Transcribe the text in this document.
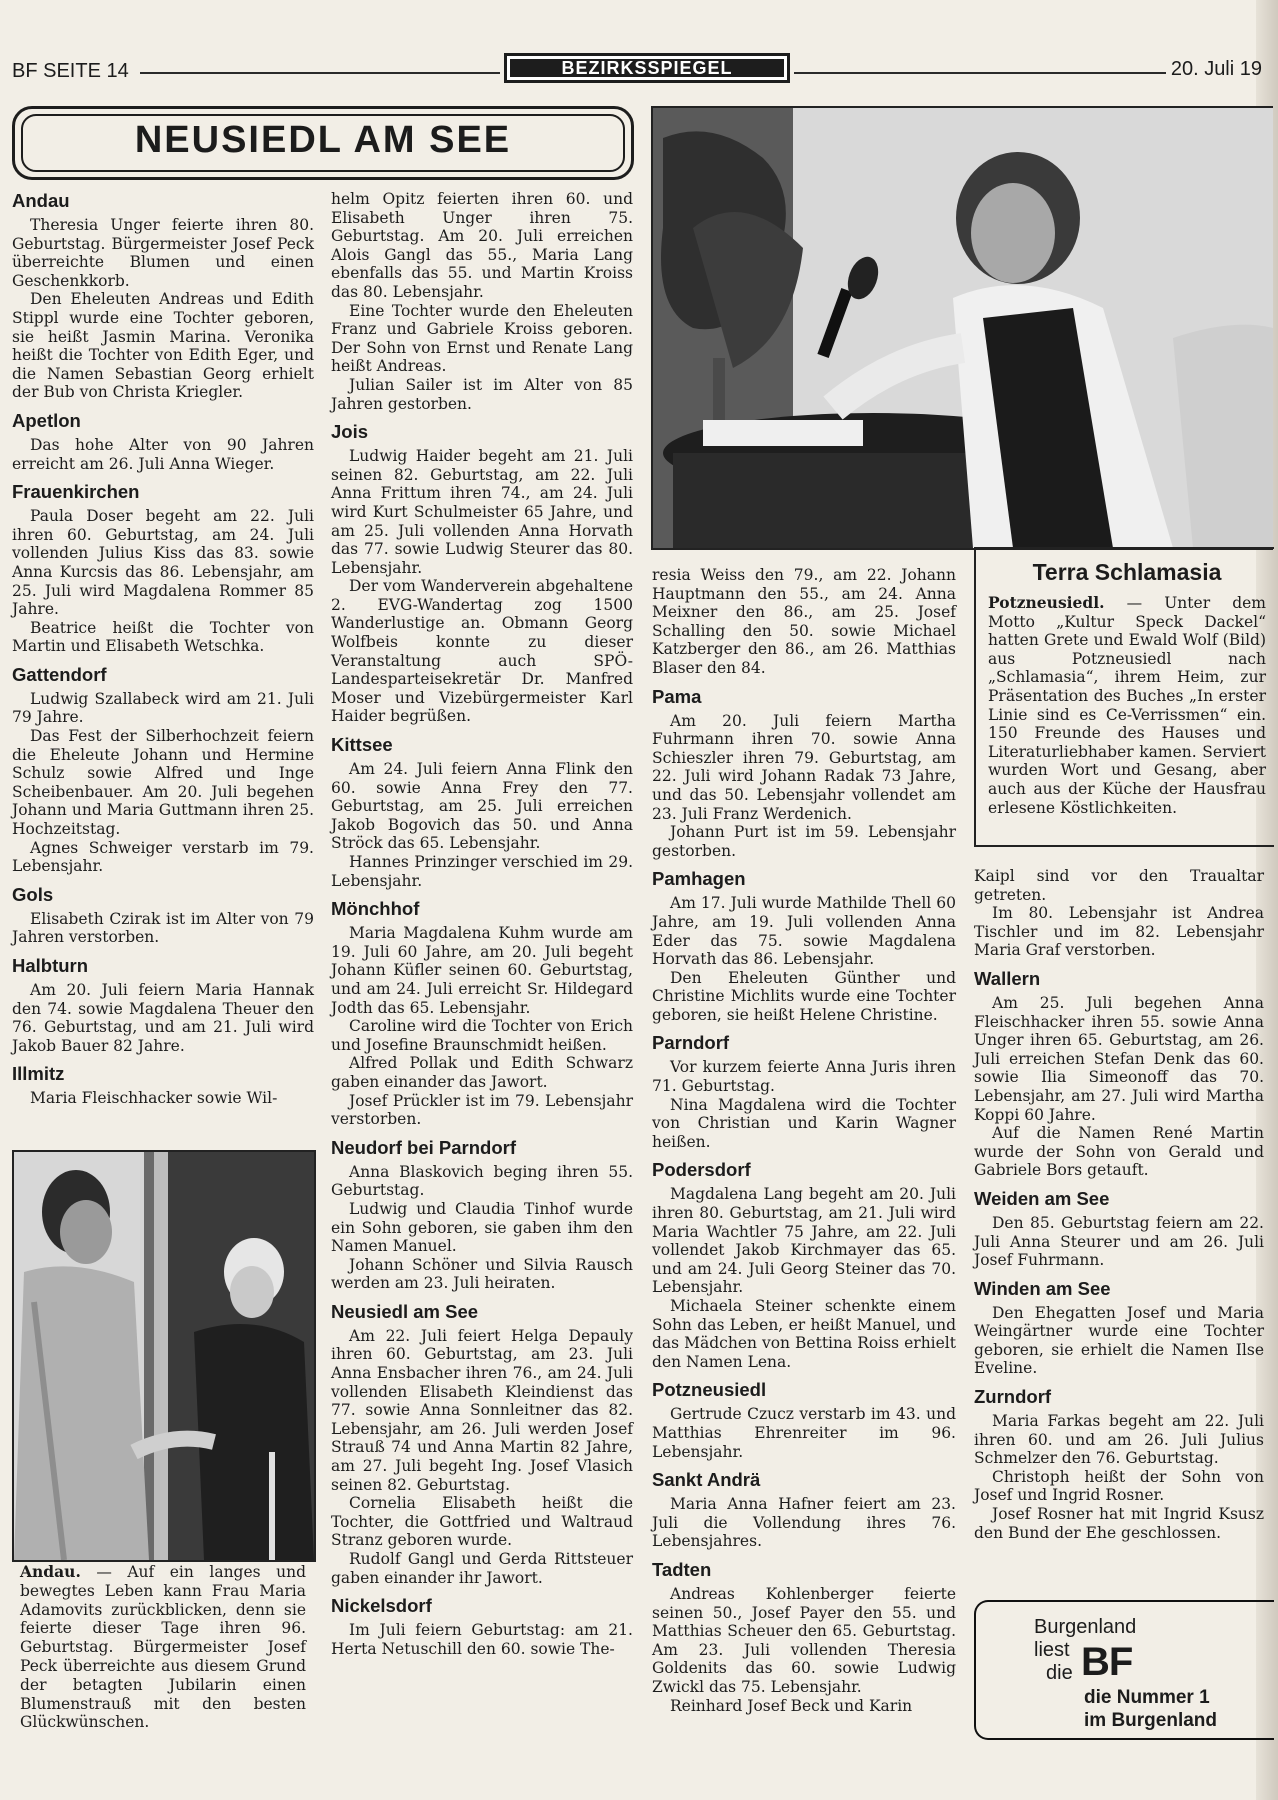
BF SEITE 14	BEZIRKSSPIEGEL	20. Juli 19
NEUSIEDL AM SEE
Andau

Theresia Unger feierte ihren 80. Geburtstag. Bürgermeister Josef Peck überreichte Blumen und einen Geschenkkorb.

Den Eheleuten Andreas und Edith Stippl wurde eine Tochter geboren, sie heißt Jasmin Marina. Veronika heißt die Tochter von Edith Eger, und die Namen Sebastian Georg erhielt der Bub von Christa Kriegler.

Apetlon

Das hohe Alter von 90 Jahren erreicht am 26. Juli Anna Wieger.

Frauenkirchen

Paula Doser begeht am 22. Juli ihren 60. Geburtstag, am 24. Juli vollenden Julius Kiss das 83. sowie Anna Kurcsis das 86. Lebensjahr, am 25. Juli wird Magdalena Rommer 85 Jahre.

Beatrice heißt die Tochter von Martin und Elisabeth Wetschka.

Gattendorf

Ludwig Szallabeck wird am 21. Juli 79 Jahre.

Das Fest der Silberhochzeit feiern die Eheleute Johann und Hermine Schulz sowie Alfred und Inge Scheibenbauer. Am 20. Juli begehen Johann und Maria Guttmann ihren 25. Hochzeitstag.

Agnes Schweiger verstarb im 79. Lebensjahr.

Gols

Elisabeth Czirak ist im Alter von 79 Jahren verstorben.

Halbturn

Am 20. Juli feiern Maria Hannak den 74. sowie Magdalena Theuer den 76. Geburtstag, und am 21. Juli wird Jakob Bauer 82 Jahre.

Illmitz

Maria Fleischhacker sowie Wil-

Andau. — Auf ein langes und bewegtes Leben kann Frau Maria Adamovits zurückblicken, denn sie feierte dieser Tage ihren 96. Geburtstag. Bürgermeister Josef Peck überreichte aus diesem Grund der betagten Jubilarin einen Blumenstrauß mit den besten Glückwünschen.

helm Opitz feierten ihren 60. und Elisabeth Unger ihren 75. Geburtstag. Am 20. Juli erreichen Alois Gangl das 55., Maria Lang ebenfalls das 55. und Martin Kroiss das 80. Lebensjahr.

Eine Tochter wurde den Eheleuten Franz und Gabriele Kroiss geboren. Der Sohn von Ernst und Renate Lang heißt Andreas.

Julian Sailer ist im Alter von 85 Jahren gestorben.

Jois

Ludwig Haider begeht am 21. Juli seinen 82. Geburtstag, am 22. Juli Anna Frittum ihren 74., am 24. Juli wird Kurt Schulmeister 65 Jahre, und am 25. Juli vollenden Anna Horvath das 77. sowie Ludwig Steurer das 80. Lebensjahr.

Der vom Wanderverein abgehaltene 2. EVG-Wandertag zog 1500 Wanderlustige an. Obmann Georg Wolfbeis konnte zu dieser Veranstaltung auch SPÖ-Landesparteisekretär Dr. Manfred Moser und Vizebürgermeister Karl Haider begrüßen.

Kittsee

Am 24. Juli feiern Anna Flink den 60. sowie Anna Frey den 77. Geburtstag, am 25. Juli erreichen Jakob Bogovich das 50. und Anna Ströck das 65. Lebensjahr.

Hannes Prinzinger verschied im 29. Lebensjahr.

Mönchhof

Maria Magdalena Kuhm wurde am 19. Juli 60 Jahre, am 20. Juli begeht Johann Küfler seinen 60. Geburtstag, und am 24. Juli erreicht Sr. Hildegard Jodth das 65. Lebensjahr.

Caroline wird die Tochter von Erich und Josefine Braunschmidt heißen.

Alfred Pollak und Edith Schwarz gaben einander das Jawort.

Josef Prückler ist im 79. Lebensjahr verstorben.

Neudorf bei Parndorf

Anna Blaskovich beging ihren 55. Geburtstag.

Ludwig und Claudia Tinhof wurde ein Sohn geboren, sie gaben ihm den Namen Manuel.

Johann Schöner und Silvia Rausch werden am 23. Juli heiraten.

Neusiedl am See

Am 22. Juli feiert Helga Depauly ihren 60. Geburtstag, am 23. Juli Anna Ensbacher ihren 76., am 24. Juli vollenden Elisabeth Kleindienst das 77. sowie Anna Sonnleitner das 82. Lebensjahr, am 26. Juli werden Josef Strauß 74 und Anna Martin 82 Jahre, am 27. Juli begeht Ing. Josef Vlasich seinen 82. Geburtstag.

Cornelia Elisabeth heißt die Tochter, die Gottfried und Waltraud Stranz geboren wurde.

Rudolf Gangl und Gerda Rittsteuer gaben einander ihr Jawort.

Nickelsdorf

Im Juli feiern Geburtstag: am 21. Herta Netuschill den 60. sowie The-

resia Weiss den 79., am 22. Johann Hauptmann den 55., am 24. Anna Meixner den 86., am 25. Josef Schalling den 50. sowie Michael Katzberger den 86., am 26. Matthias Blaser den 84.

Pama

Am 20. Juli feiern Martha Fuhrmann ihren 70. sowie Anna Schieszler ihren 79. Geburtstag, am 22. Juli wird Johann Radak 73 Jahre, und das 50. Lebensjahr vollendet am 23. Juli Franz Werdenich.

Johann Purt ist im 59. Lebensjahr gestorben.

Pamhagen

Am 17. Juli wurde Mathilde Thell 60 Jahre, am 19. Juli vollenden Anna Eder das 75. sowie Magdalena Horvath das 86. Lebensjahr.

Den Eheleuten Günther und Christine Michlits wurde eine Tochter geboren, sie heißt Helene Christine.

Parndorf

Vor kurzem feierte Anna Juris ihren 71. Geburtstag.

Nina Magdalena wird die Tochter von Christian und Karin Wagner heißen.

Podersdorf

Magdalena Lang begeht am 20. Juli ihren 80. Geburtstag, am 21. Juli wird Maria Wachtler 75 Jahre, am 22. Juli vollendet Jakob Kirchmayer das 65. und am 24. Juli Georg Steiner das 70. Lebensjahr.

Michaela Steiner schenkte einem Sohn das Leben, er heißt Manuel, und das Mädchen von Bettina Roiss erhielt den Namen Lena.

Potzneusiedl

Gertrude Czucz verstarb im 43. und Matthias Ehrenreiter im 96. Lebensjahr.

Sankt Andrä

Maria Anna Hafner feiert am 23. Juli die Vollendung ihres 76. Lebensjahres.

Tadten

Andreas Kohlenberger feierte seinen 50., Josef Payer den 55. und Matthias Scheuer den 65. Geburtstag. Am 23. Juli vollenden Theresia Goldenits das 60. sowie Ludwig Zwickl das 75. Lebensjahr.

Reinhard Josef Beck und Karin

Terra Schlamasia

Potzneusiedl. — Unter dem Motto „Kultur Speck Dackel“ hatten Grete und Ewald Wolf (Bild) aus Potzneusiedl nach „Schlamasia“, ihrem Heim, zur Präsentation des Buches „In erster Linie sind es Ce-Verrissmen“ ein. 150 Freunde des Hauses und Literaturliebhaber kamen. Serviert wurden Wort und Gesang, aber auch aus der Küche der Hausfrau erlesene Köstlichkeiten.

Kaipl sind vor den Traualtar getreten.

Im 80. Lebensjahr ist Andrea Tischler und im 82. Lebensjahr Maria Graf verstorben.

Wallern

Am 25. Juli begehen Anna Fleischhacker ihren 55. sowie Anna Unger ihren 65. Geburtstag, am 26. Juli erreichen Stefan Denk das 60. sowie Ilia Simeonoff das 70. Lebensjahr, am 27. Juli wird Martha Koppi 60 Jahre.

Auf die Namen René Martin wurde der Sohn von Gerald und Gabriele Bors getauft.

Weiden am See

Den 85. Geburtstag feiern am 22. Juli Anna Steurer und am 26. Juli Josef Fuhrmann.

Winden am See

Den Ehegatten Josef und Maria Weingärtner wurde eine Tochter geboren, sie erhielt die Namen Ilse Eveline.

Zurndorf

Maria Farkas begeht am 22. Juli ihren 60. und am 26. Juli Julius Schmelzer den 76. Geburtstag.

Christoph heißt der Sohn von Josef und Ingrid Rosner.

Josef Rosner hat mit Ingrid Ksusz den Bund der Ehe geschlossen.

Burgenland
liest
die BF
die Nummer 1
im Burgenland
